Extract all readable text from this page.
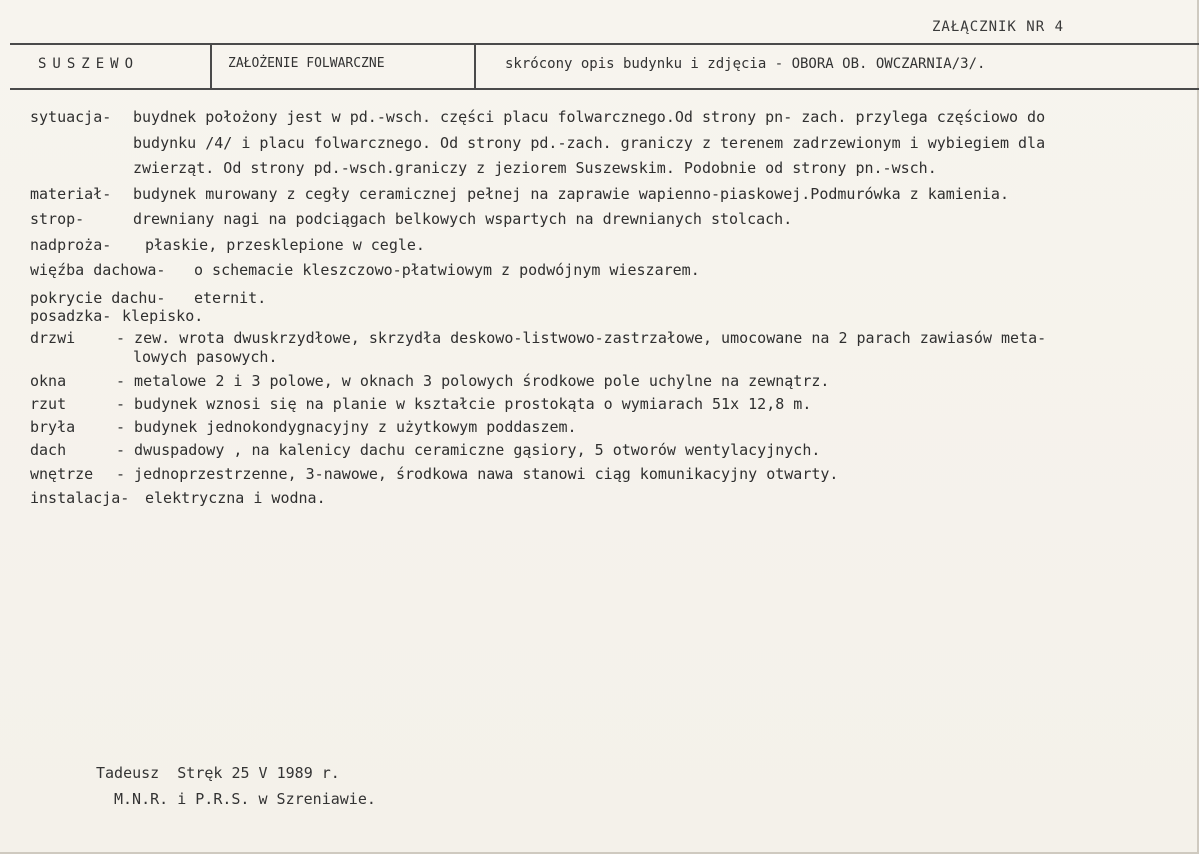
ZAŁĄCZNIK NR 4
SUSZEWO	ZAŁOŻENIE FOLWARCZNE	skrócony opis budynku i zdjęcia - OBORA OB. OWCZARNIA/3/.
sytuacja- buydnek położony jest w pd.-wsch. części placu folwarcznego.Od strony pn- zach. przylega częściowo do
budynku /4/ i placu folwarcznego. Od strony pd.-zach. graniczy z terenem zadrzewionym i wybiegiem dla
zwierząt. Od strony pd.-wsch.graniczy z jeziorem Suszewskim. Podobnie od strony pn.-wsch.
materiał- budynek murowany z cegły ceramicznej pełnej na zaprawie wapienno-piaskowej.Podmurówka z kamienia.
strop-	drewniany nagi na podciągach belkowych wspartych na drewnianych stolcach.
nadproża- płaskie, przesklepione w cegle.
więźba dachowa- o schemacie kleszczowo-płatwiowym z podwójnym wieszarem.
pokrycie dachu- eternit.
posadzka- klepisko.
drzwi	- zew. wrota dwuskrzydłowe, skrzydła deskowo-listwowo-zastrzałowe, umocowane na 2 parach zawiasów meta-
lowych pasowych.
okna	- metalowe 2 i 3 polowe, w oknach 3 polowych środkowe pole uchylne na zewnątrz.
rzut	- budynek wznosi się na planie w kształcie prostokąta o wymiarach 51x 12,8 m.
bryła	- budynek jednokondygnacyjny z użytkowym poddaszem.
dach	- dwuspadowy , na kalenicy dachu ceramiczne gąsiory, 5 otworów wentylacyjnych.
wnętrze - jednoprzestrzenne, 3-nawowe, środkowa nawa stanowi ciąg komunikacyjny otwarty.
instalacja- elektryczna i wodna.
Tadeusz  Stręk 25 V 1989 r.
M.N.R. i P.R.S. w Szreniawie.
